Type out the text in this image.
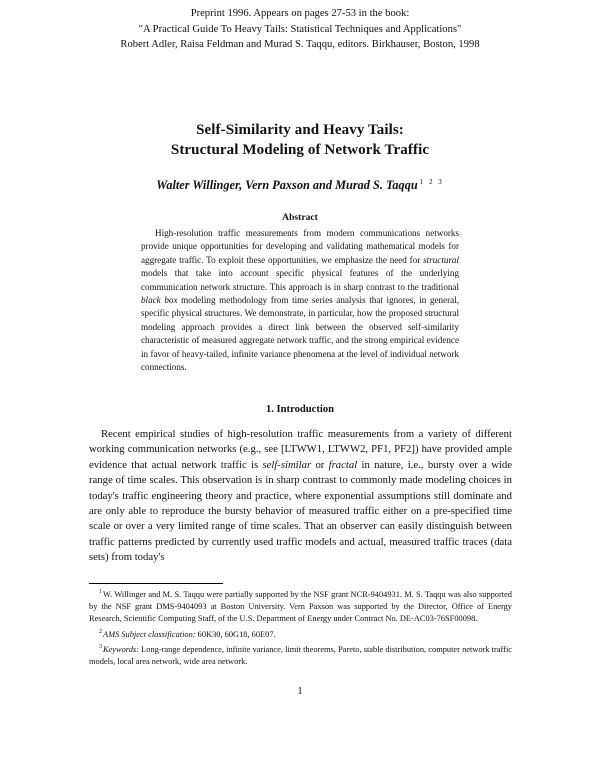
Preprint 1996. Appears on pages 27-53 in the book:
"A Practical Guide To Heavy Tails: Statistical Techniques and Applications"
Robert Adler, Raisa Feldman and Murad S. Taqqu, editors. Birkhauser, Boston, 1998
Self-Similarity and Heavy Tails:
Structural Modeling of Network Traffic
Walter Willinger, Vern Paxson and Murad S. Taqqu $^{1 2 3}$
Abstract

High-resolution traffic measurements from modern communications networks provide unique opportunities for developing and validating mathematical models for aggregate traffic. To exploit these opportunities, we emphasize the need for structural models that take into account specific physical features of the underlying communication network structure. This approach is in sharp contrast to the traditional black box modeling methodology from time series analysis that ignores, in general, specific physical structures. We demonstrate, in particular, how the proposed structural modeling approach provides a direct link between the observed self-similarity characteristic of measured aggregate network traffic, and the strong empirical evidence in favor of heavy-tailed, infinite variance phenomena at the level of individual network connections.

1. Introduction

Recent empirical studies of high-resolution traffic measurements from a variety of different working communication networks (e.g., see [LTWW1, LTWW2, PF1, PF2]) have provided ample evidence that actual network traffic is self-similar or fractal in nature, i.e., bursty over a wide range of time scales. This observation is in sharp contrast to commonly made modeling choices in today's traffic engineering theory and practice, where exponential assumptions still dominate and are only able to reproduce the bursty behavior of measured traffic either on a pre-specified time scale or over a very limited range of time scales. That an observer can easily distinguish between traffic patterns predicted by currently used traffic models and actual, measured traffic traces (data sets) from today's

$^1$W. Willinger and M. S. Taqqu were partially supported by the NSF grant NCR-9404931. M. S. Taqqu was also supported by the NSF grant DMS-9404093 at Boston University. Vern Paxson was supported by the Director, Office of Energy Research, Scientific Computing Staff, of the U.S. Department of Energy under Contract No. DE-AC03-76SF00098.

$^2$AMS Subject classification: 60K30, 60G18, 60E07.

$^3$Keywords: Long-range dependence, infinite variance, limit theorems, Pareto, stable distribution, computer network traffic models, local area network, wide area network.

1
